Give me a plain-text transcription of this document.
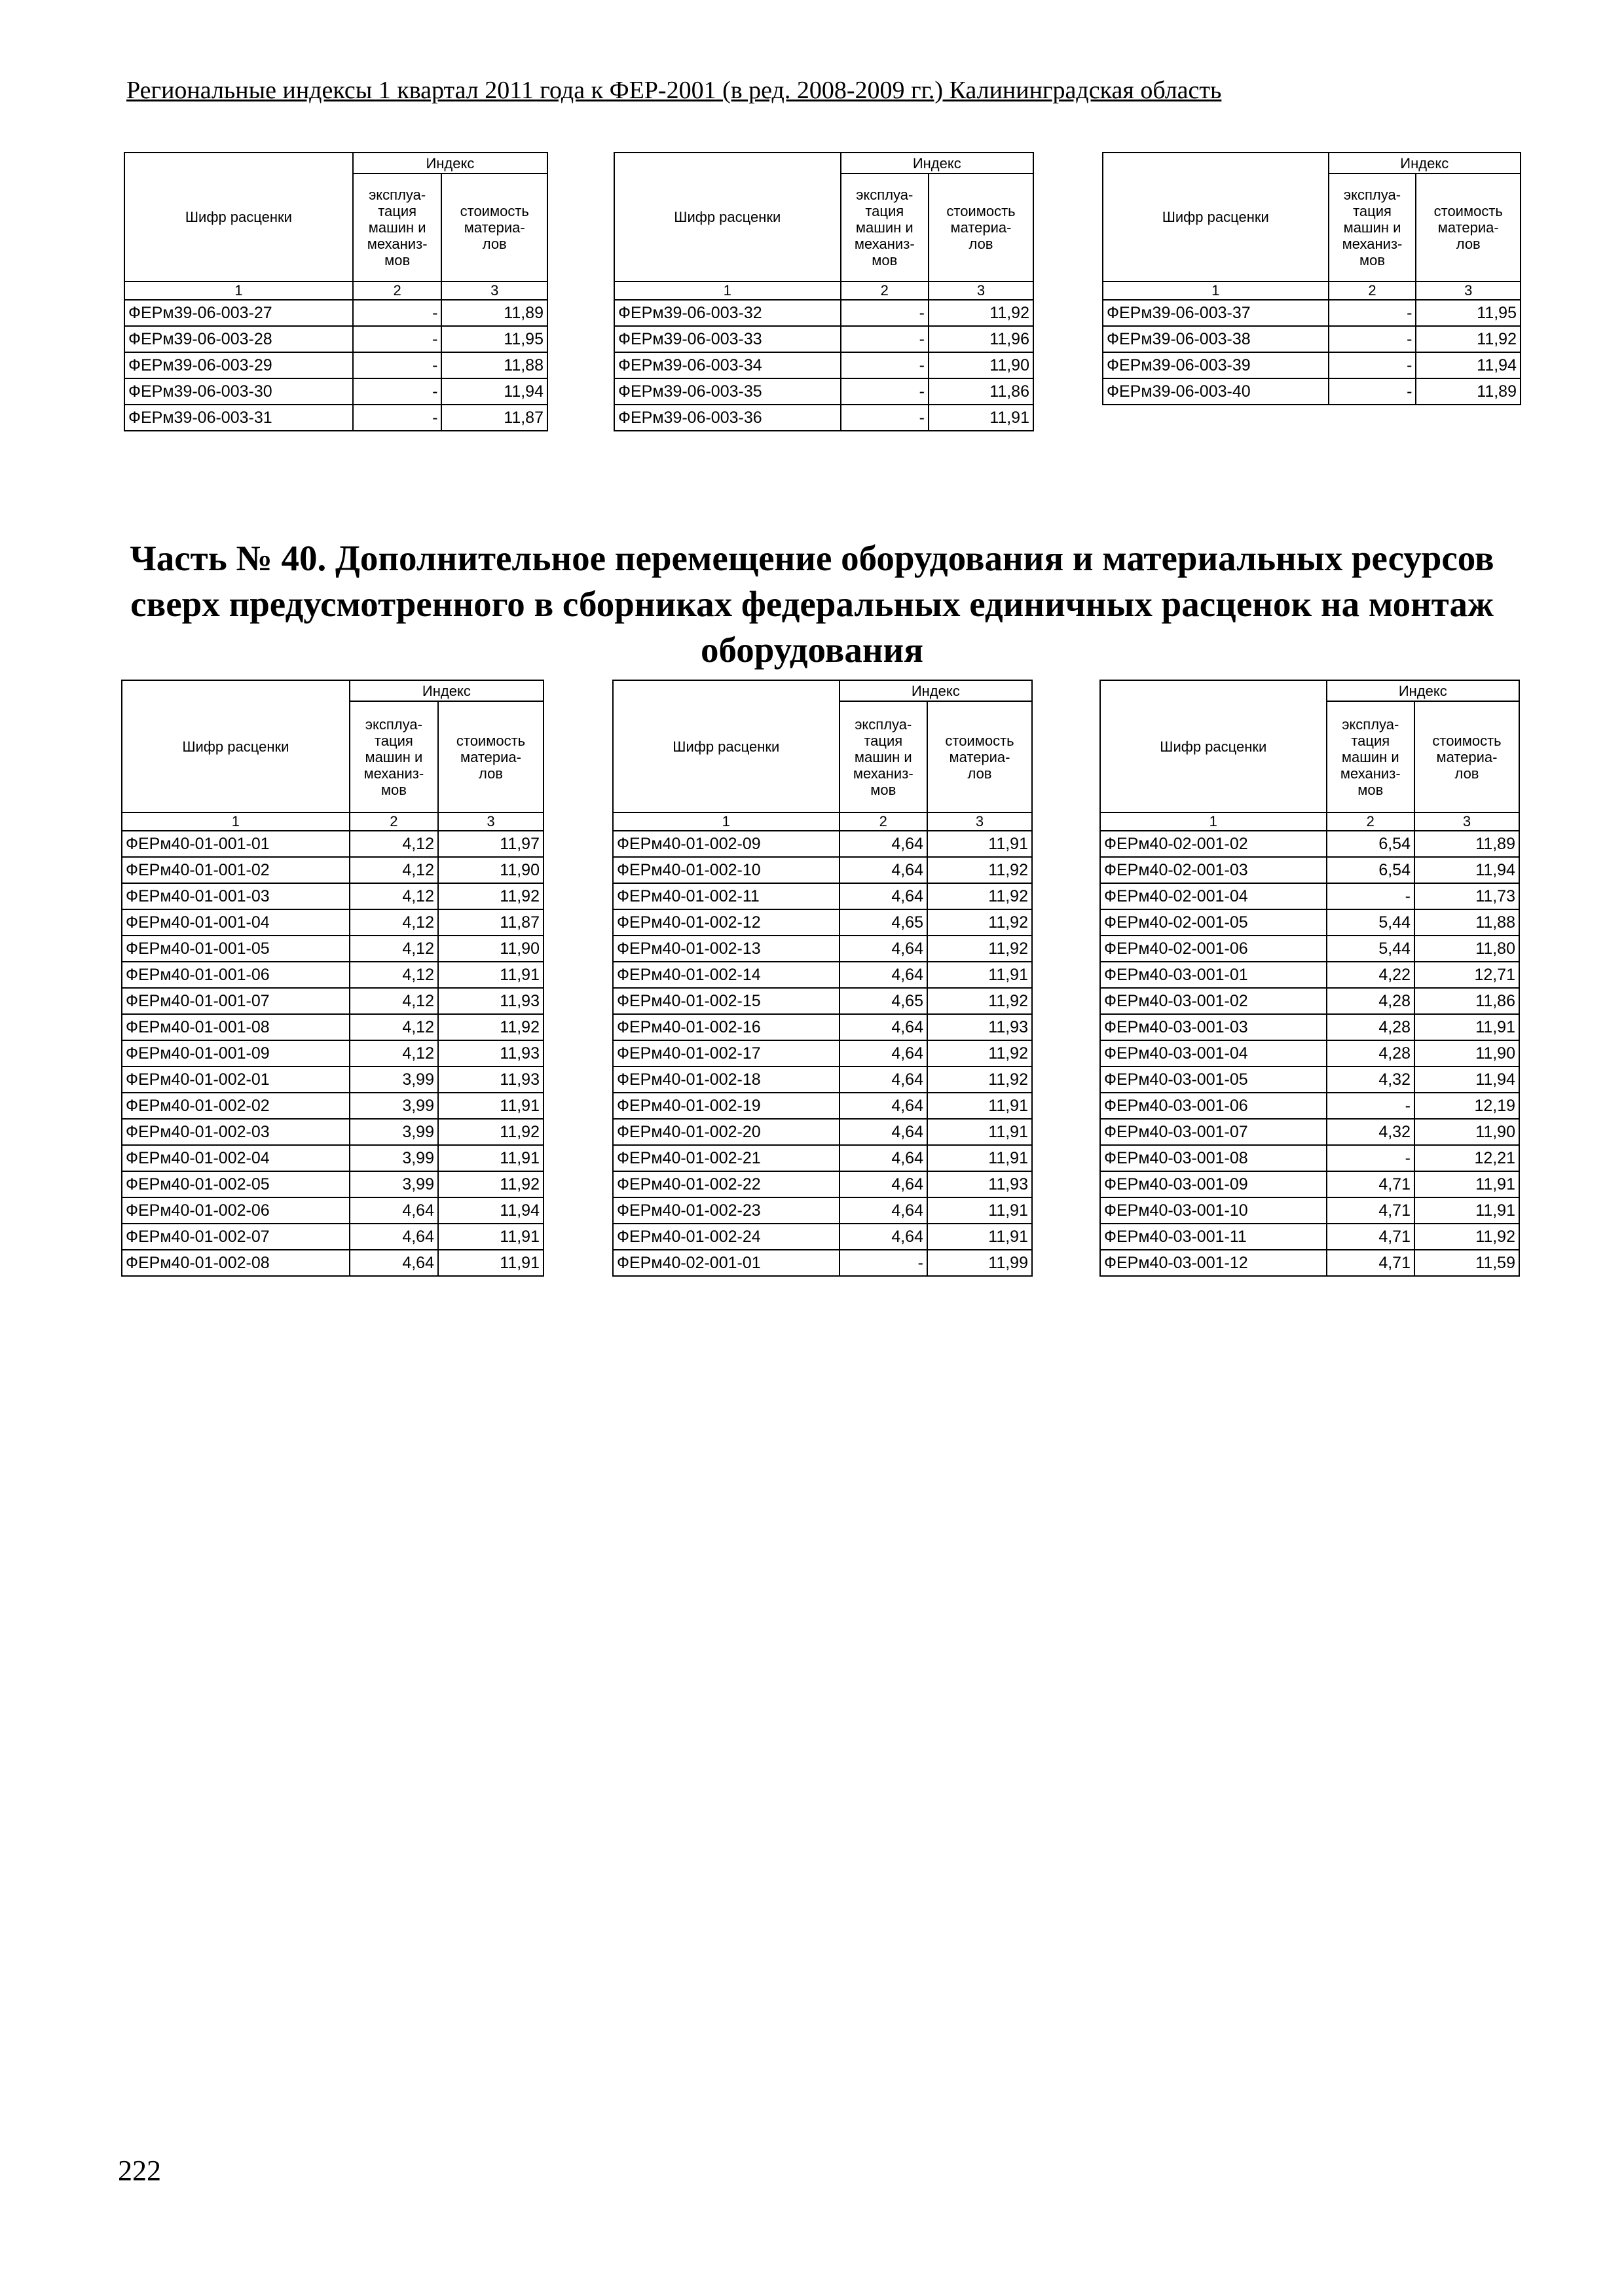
Региональные индексы 1 квартал 2011 года к ФЕР-2001 (в ред. 2008-2009 гг.) Калининградская область
Шифр расценки	Индекс	
	эксплуа-
тация
машин и
механиз-
мов	стоимость
материа-
лов
1	2	3
ФЕРм39-06-003-27	-	11,89
ФЕРм39-06-003-28	-	11,95
ФЕРм39-06-003-29	-	11,88
ФЕРм39-06-003-30	-	11,94
ФЕРм39-06-003-31	-	11,87
Шифр расценки	Индекс	
	эксплуа-
тация
машин и
механиз-
мов	стоимость
материа-
лов
1	2	3
ФЕРм39-06-003-32	-	11,92
ФЕРм39-06-003-33	-	11,96
ФЕРм39-06-003-34	-	11,90
ФЕРм39-06-003-35	-	11,86
ФЕРм39-06-003-36	-	11,91
Шифр расценки	Индекс	
	эксплуа-
тация
машин и
механиз-
мов	стоимость
материа-
лов
1	2	3
ФЕРм39-06-003-37	-	11,95
ФЕРм39-06-003-38	-	11,92
ФЕРм39-06-003-39	-	11,94
ФЕРм39-06-003-40	-	11,89
Часть № 40. Дополнительное перемещение оборудования и материальных ресурсов сверх предусмотренного в сборниках федеральных единичных расценок на монтаж оборудования
Шифр расценки	Индекс	
	эксплуа-
тация
машин и
механиз-
мов	стоимость
материа-
лов
1	2	3
ФЕРм40-01-001-01	4,12	11,97
ФЕРм40-01-001-02	4,12	11,90
ФЕРм40-01-001-03	4,12	11,92
ФЕРм40-01-001-04	4,12	11,87
ФЕРм40-01-001-05	4,12	11,90
ФЕРм40-01-001-06	4,12	11,91
ФЕРм40-01-001-07	4,12	11,93
ФЕРм40-01-001-08	4,12	11,92
ФЕРм40-01-001-09	4,12	11,93
ФЕРм40-01-002-01	3,99	11,93
ФЕРм40-01-002-02	3,99	11,91
ФЕРм40-01-002-03	3,99	11,92
ФЕРм40-01-002-04	3,99	11,91
ФЕРм40-01-002-05	3,99	11,92
ФЕРм40-01-002-06	4,64	11,94
ФЕРм40-01-002-07	4,64	11,91
ФЕРм40-01-002-08	4,64	11,91
Шифр расценки	Индекс	
	эксплуа-
тация
машин и
механиз-
мов	стоимость
материа-
лов
1	2	3
ФЕРм40-01-002-09	4,64	11,91
ФЕРм40-01-002-10	4,64	11,92
ФЕРм40-01-002-11	4,64	11,92
ФЕРм40-01-002-12	4,65	11,92
ФЕРм40-01-002-13	4,64	11,92
ФЕРм40-01-002-14	4,64	11,91
ФЕРм40-01-002-15	4,65	11,92
ФЕРм40-01-002-16	4,64	11,93
ФЕРм40-01-002-17	4,64	11,92
ФЕРм40-01-002-18	4,64	11,92
ФЕРм40-01-002-19	4,64	11,91
ФЕРм40-01-002-20	4,64	11,91
ФЕРм40-01-002-21	4,64	11,91
ФЕРм40-01-002-22	4,64	11,93
ФЕРм40-01-002-23	4,64	11,91
ФЕРм40-01-002-24	4,64	11,91
ФЕРм40-02-001-01	-	11,99
Шифр расценки	Индекс	
	эксплуа-
тация
машин и
механиз-
мов	стоимость
материа-
лов
1	2	3
ФЕРм40-02-001-02	6,54	11,89
ФЕРм40-02-001-03	6,54	11,94
ФЕРм40-02-001-04	-	11,73
ФЕРм40-02-001-05	5,44	11,88
ФЕРм40-02-001-06	5,44	11,80
ФЕРм40-03-001-01	4,22	12,71
ФЕРм40-03-001-02	4,28	11,86
ФЕРм40-03-001-03	4,28	11,91
ФЕРм40-03-001-04	4,28	11,90
ФЕРм40-03-001-05	4,32	11,94
ФЕРм40-03-001-06	-	12,19
ФЕРм40-03-001-07	4,32	11,90
ФЕРм40-03-001-08	-	12,21
ФЕРм40-03-001-09	4,71	11,91
ФЕРм40-03-001-10	4,71	11,91
ФЕРм40-03-001-11	4,71	11,92
ФЕРм40-03-001-12	4,71	11,59
222
